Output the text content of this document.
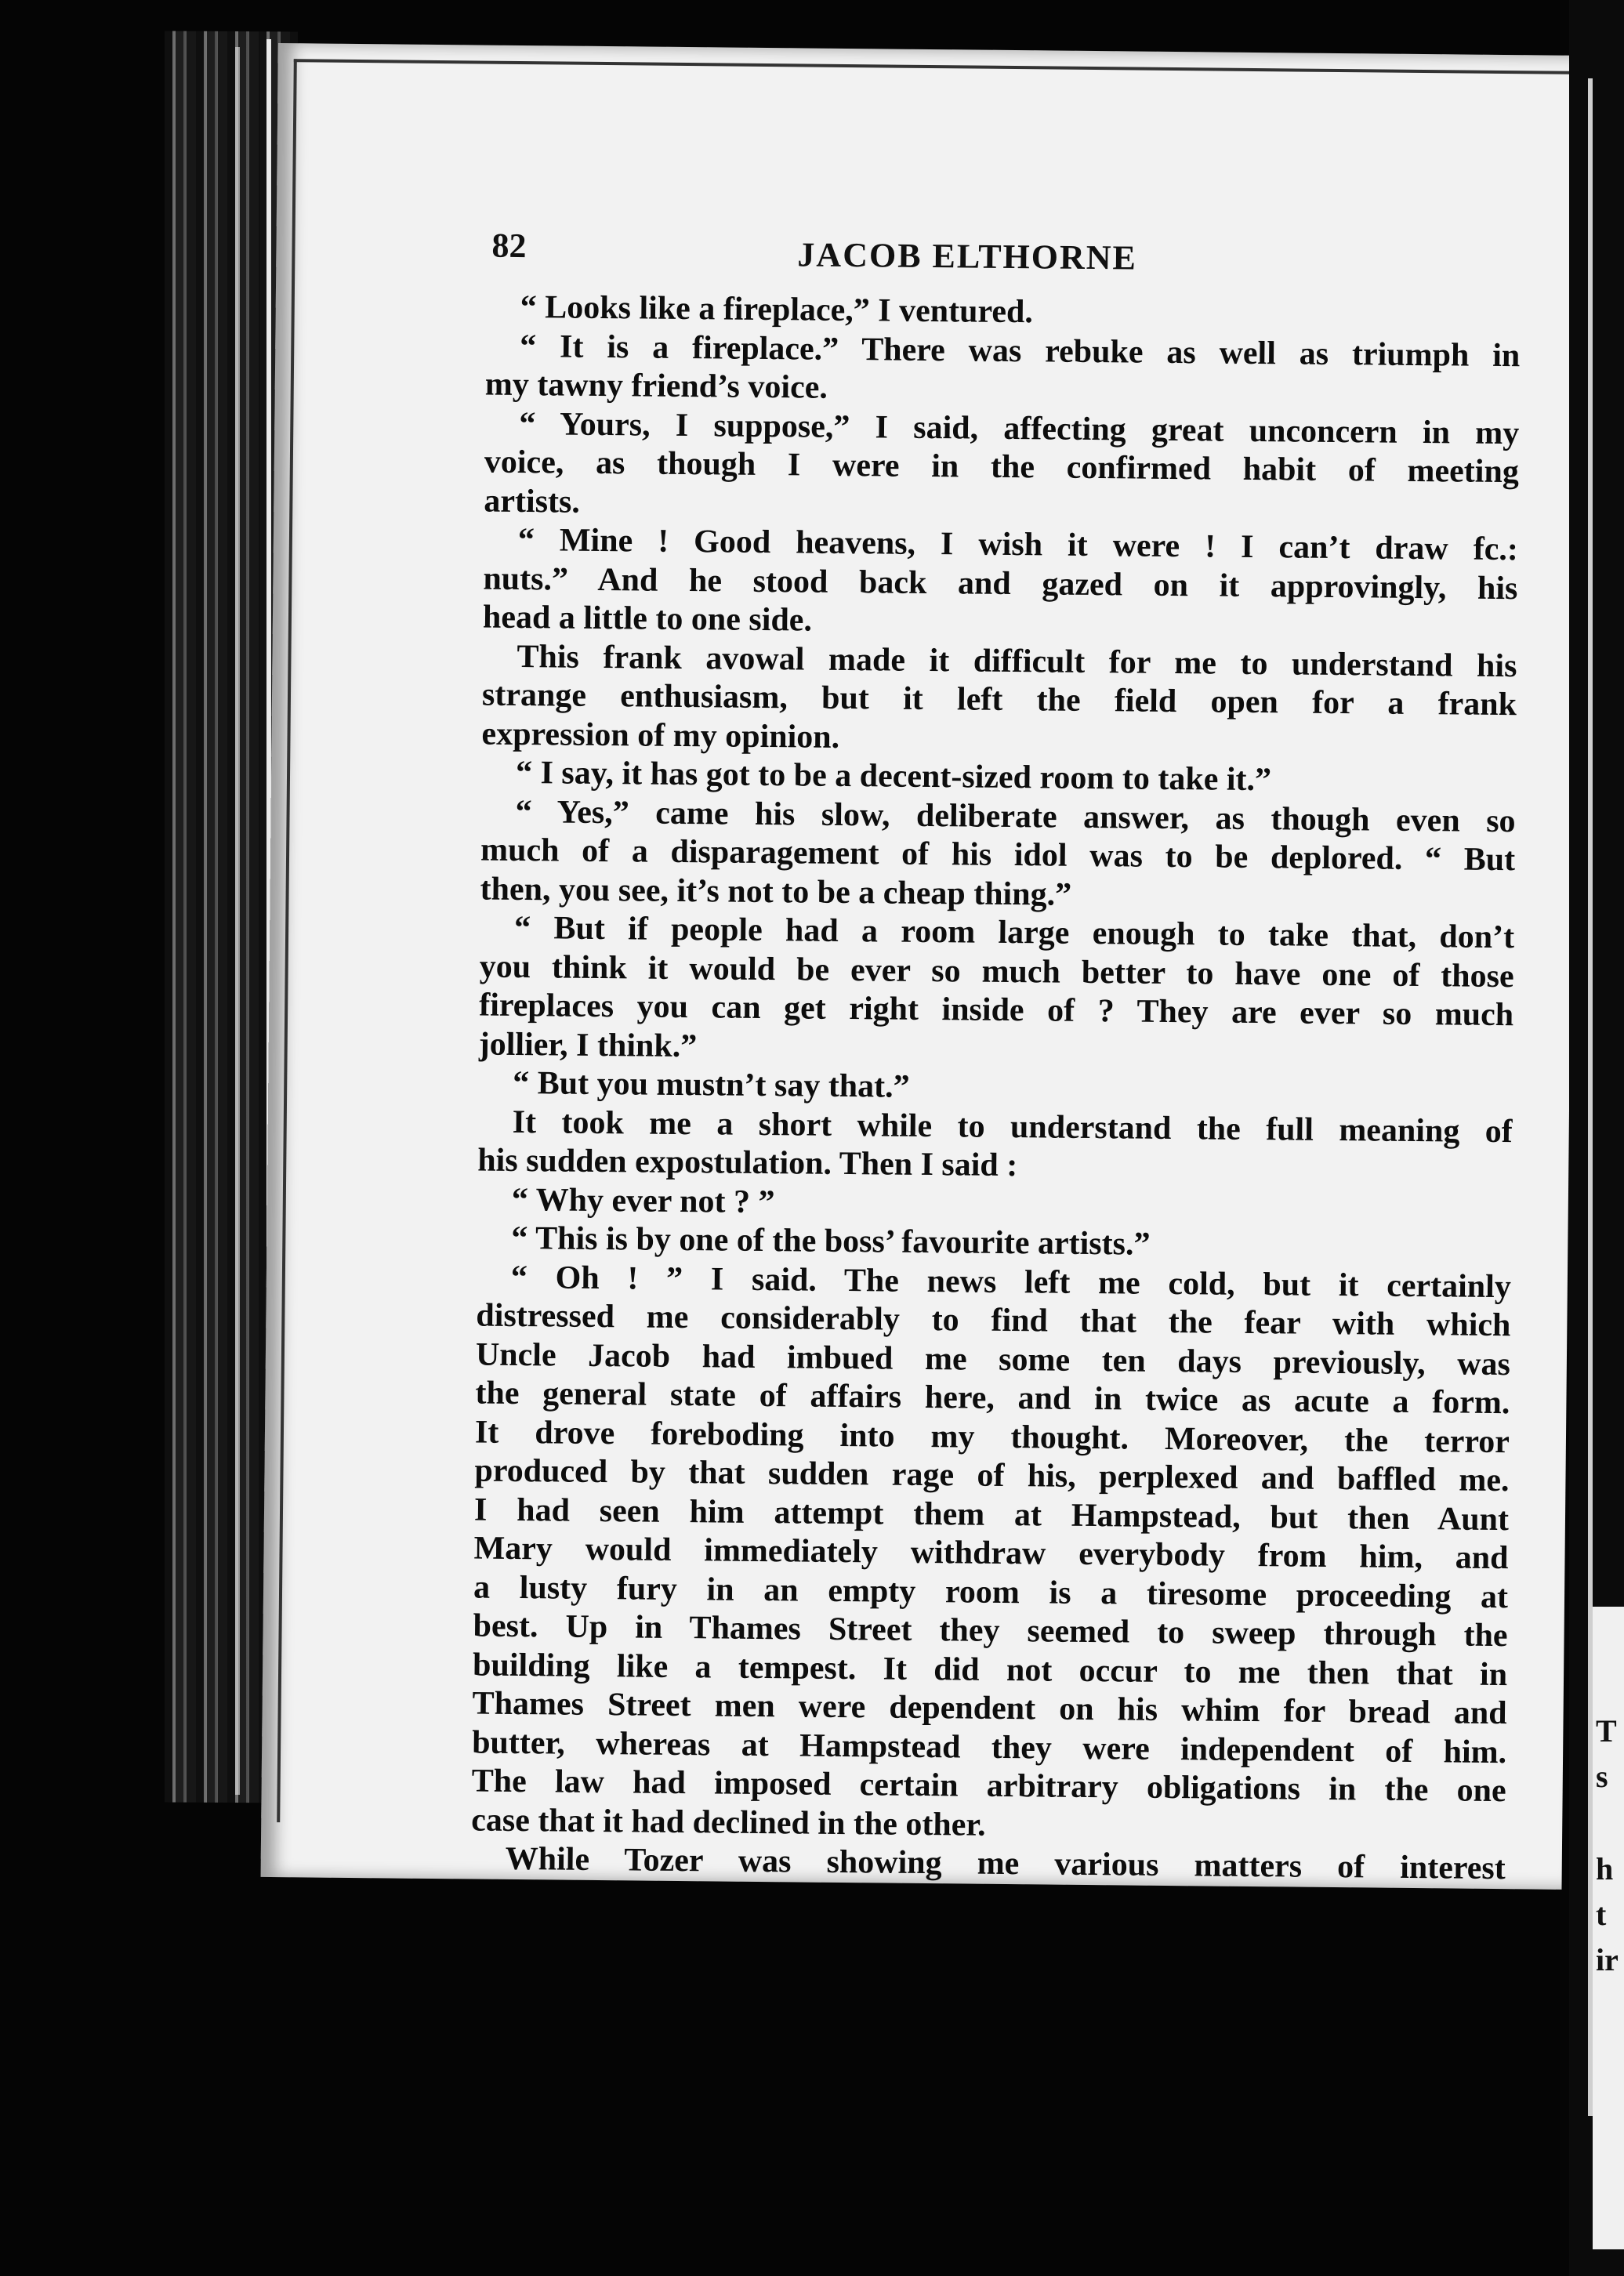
82	JACOB ELTHORNE
“ Looks like a fireplace,” I ventured.
“ It is a fireplace.” There was rebuke as well as triumph in
my tawny friend’s voice.
“ Yours, I suppose,” I said, affecting great unconcern in my
voice, as though I were in the confirmed habit of meeting
artists.
“ Mine ! Good heavens, I wish it were ! I can’t draw fc.:
nuts.” And he stood back and gazed on it approvingly, his
head a little to one side.
This frank avowal made it difficult for me to understand his
strange enthusiasm, but it left the field open for a frank
expression of my opinion.
“ I say, it has got to be a decent-sized room to take it.”
“ Yes,” came his slow, deliberate answer, as though even so
much of a disparagement of his idol was to be deplored. “ But
then, you see, it’s not to be a cheap thing.”
“ But if people had a room large enough to take that, don’t
you think it would be ever so much better to have one of those
fireplaces you can get right inside of ? They are ever so much
jollier, I think.”
“ But you mustn’t say that.”
It took me a short while to understand the full meaning of
his sudden expostulation. Then I said :
“ Why ever not ? ”
“ This is by one of the boss’ favourite artists.”
“ Oh ! ” I said. The news left me cold, but it certainly
distressed me considerably to find that the fear with which
Uncle Jacob had imbued me some ten days previously, was
the general state of affairs here, and in twice as acute a form.
It drove foreboding into my thought. Moreover, the terror
produced by that sudden rage of his, perplexed and baffled me.
I had seen him attempt them at Hampstead, but then Aunt
Mary would immediately withdraw everybody from him, and
a lusty fury in an empty room is a tiresome proceeding at
best. Up in Thames Street they seemed to sweep through the
building like a tempest. It did not occur to me then that in
Thames Street men were dependent on his whim for bread and
butter, whereas at Hampstead they were independent of him.
The law had imposed certain arbitrary obligations in the one
case that it had declined in the other.
While Tozer was showing me various matters of interest
T
s
h
t
ir
